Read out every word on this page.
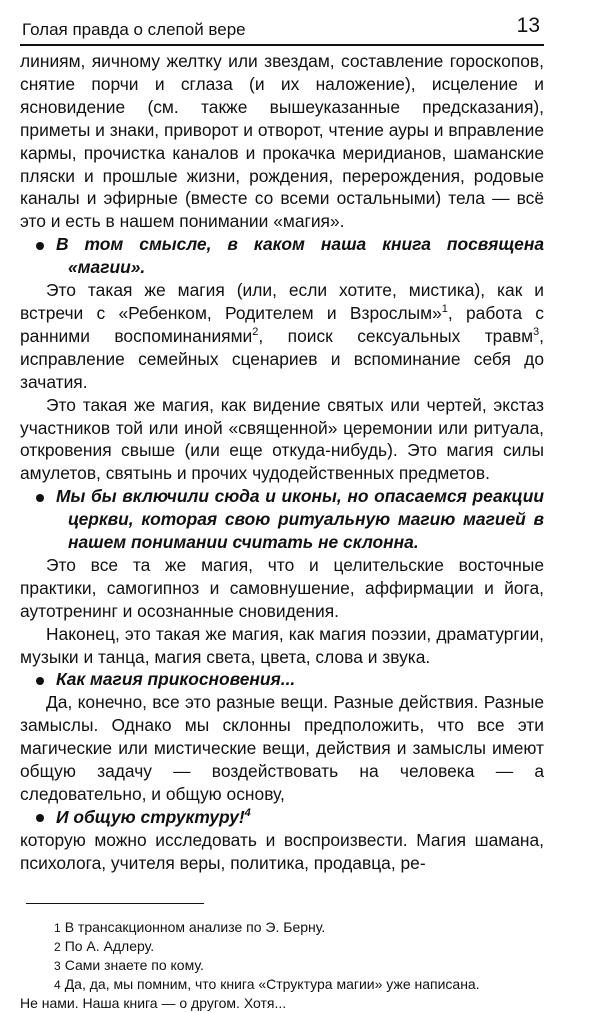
Голая правда о слепой вере	13

линиям, яичному желтку или звездам, составление гороскопов, снятие порчи и сглаза (и их наложение), исцеление и ясновидение (см. также вышеуказанные предсказания), приметы и знаки, приворот и отворот, чтение ауры и вправление кармы, прочистка каналов и прокачка меридианов, шаманские пляски и прошлые жизни, рождения, перерождения, родовые каналы и эфирные (вместе со всеми остальными) тела — всё это и есть в нашем понимании «магия».

В том смысле, в каком наша книга посвящена «магии».

Это такая же магия (или, если хотите, мистика), как и встречи с «Ребенком, Родителем и Взрослым»$^1$, работа с ранними воспоминаниями$^2$, поиск сексуальных травм$^3$, исправление семейных сценариев и вспоминание себя до зачатия.

Это такая же магия, как видение святых или чертей, экстаз участников той или иной «священной» церемонии или ритуала, откровения свыше (или еще откуда-нибудь). Это магия силы амулетов, святынь и прочих чудодейственных предметов.

Мы бы включили сюда и иконы, но опасаемся реакции церкви, которая свою ритуальную магию магией в нашем понимании считать не склонна.

Это все та же магия, что и целительские восточные практики, самогипноз и самовнушение, аффирмации и йога, аутотренинг и осознанные сновидения.

Наконец, это такая же магия, как магия поэзии, драматургии, музыки и танца, магия света, цвета, слова и звука.

Как магия прикосновения...

Да, конечно, все это разные вещи. Разные действия. Разные замыслы. Однако мы склонны предположить, что все эти магические или мистические вещи, действия и замыслы имеют общую задачу — воздействовать на человека — а следовательно, и общую основу,

И общую структуру!$^4$

которую можно исследовать и воспроизвести. Магия шамана, психолога, учителя веры, политика, продавца, ре-

1 В трансакционном анализе по Э. Берну.
2 По А. Адлеру.
3 Сами знаете по кому.
4 Да, да, мы помним, что книга «Структура магии» уже написана.
Не нами. Наша книга — о другом. Хотя...
